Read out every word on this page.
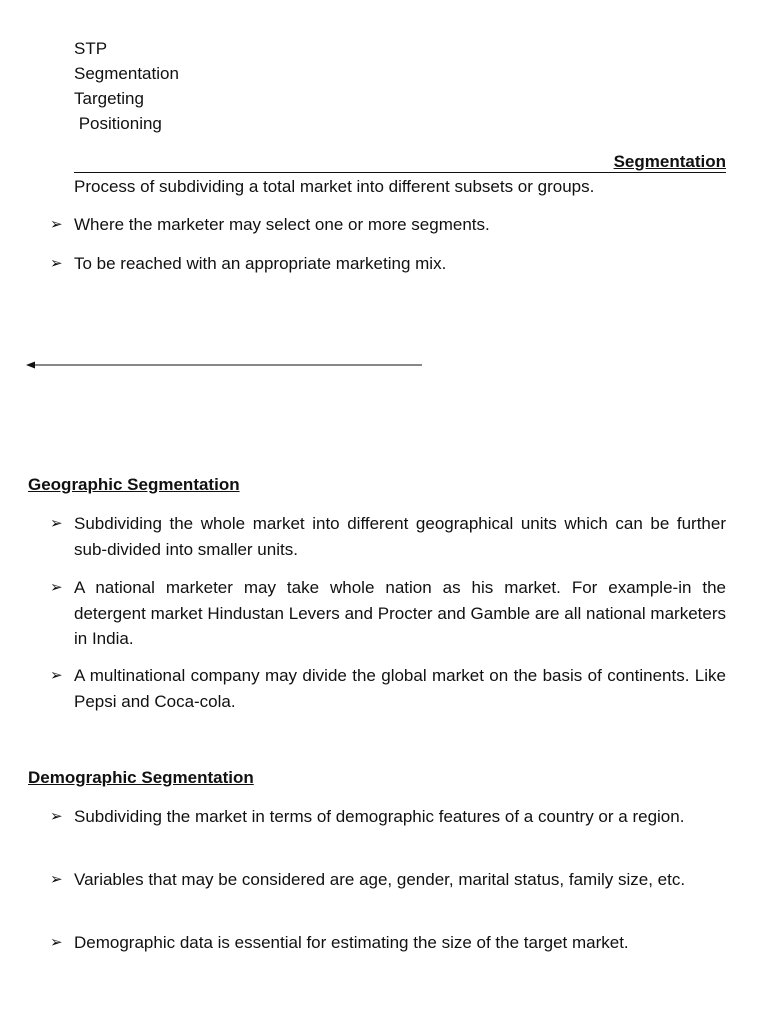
STP
Segmentation
Targeting
Positioning
Segmentation
Process of subdividing a total market into different subsets or groups.
➢ Where the marketer may select one or more segments.
➢ To be reached with an appropriate marketing mix.
Geographic Segmentation
➢ Subdividing the whole market into different geographical units which can be further sub-divided into smaller units.
➢ A national marketer may take whole nation as his market. For example-in the detergent market Hindustan Levers and Procter and Gamble are all national marketers in India.
➢ A multinational company may divide the global market on the basis of continents. Like Pepsi and Coca-cola.
Demographic Segmentation
➢ Subdividing the market in terms of demographic features of a country or a region.
➢ Variables that may be considered are age, gender, marital status, family size, etc.
➢ Demographic data is essential for estimating the size of the target market.
